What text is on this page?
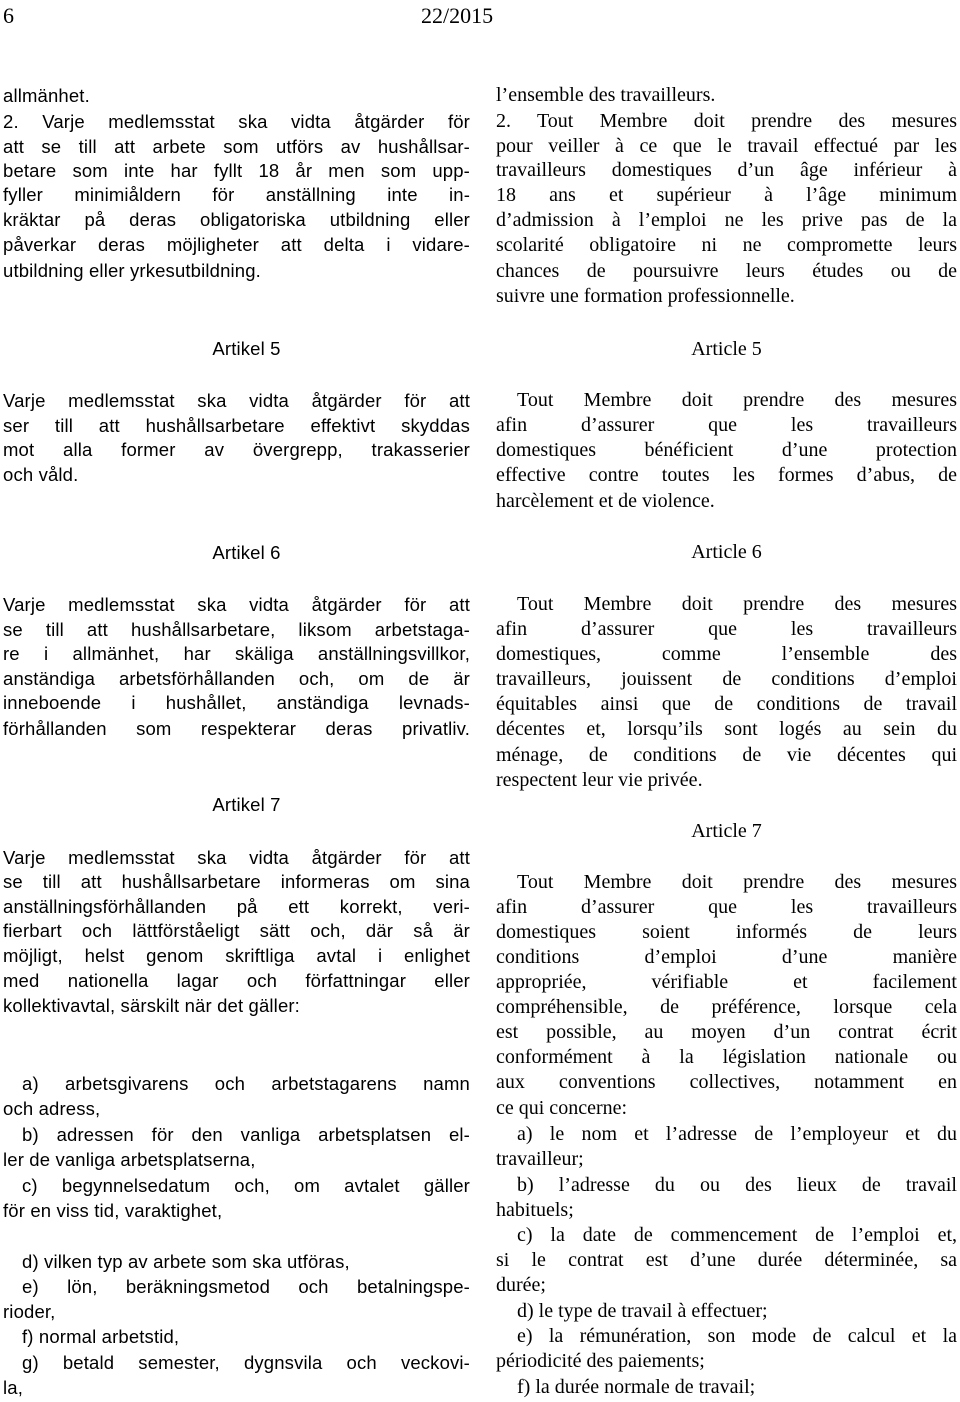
6	22/2015
allmänhet.
2. Varje medlemsstat ska vidta åtgärder för
att se till att arbete som utförs av hushållsar-
betare som inte har fyllt 18 år men som upp-
fyller minimiåldern för anställning inte in-
kräktar på deras obligatoriska utbildning eller
påverkar deras möjligheter att delta i vidare-
utbildning eller yrkesutbildning.
Artikel 5
Varje medlemsstat ska vidta åtgärder för att
ser till att hushållsarbetare effektivt skyddas
mot alla former av övergrepp, trakasserier
och våld.
Artikel 6
Varje medlemsstat ska vidta åtgärder för att
se till att hushållsarbetare, liksom arbetstaga-
re i allmänhet, har skäliga anställningsvillkor,
anständiga arbetsförhållanden och, om de är
inneboende i hushållet, anständiga levnads-
förhållanden som respekterar deras privatliv.
Artikel 7
Varje medlemsstat ska vidta åtgärder för att
se till att hushållsarbetare informeras om sina
anställningsförhållanden på ett korrekt, veri-
fierbart och lättförståeligt sätt och, där så är
möjligt, helst genom skriftliga avtal i enlighet
med nationella lagar och författningar eller
kollektivavtal, särskilt när det gäller:
a) arbetsgivarens och arbetstagarens namn
och adress,
b) adressen för den vanliga arbetsplatsen el-
ler de vanliga arbetsplatserna,
c) begynnelsedatum och, om avtalet gäller
för en viss tid, varaktighet,
d) vilken typ av arbete som ska utföras,
e) lön, beräkningsmetod och betalningspe-
rioder,
f) normal arbetstid,
g) betald semester, dygnsvila och veckovi-
la,
l’ensemble des travailleurs.
2. Tout Membre doit prendre des mesures
pour veiller à ce que le travail effectué par les
travailleurs domestiques d’un âge inférieur à
18 ans et supérieur à l’âge minimum
d’admission à l’emploi ne les prive pas de la
scolarité obligatoire ni ne compromette leurs
chances de poursuivre leurs études ou de
suivre une formation professionnelle.
Article 5
Tout Membre doit prendre des mesures
afin d’assurer que les travailleurs
domestiques bénéficient d’une protection
effective contre toutes les formes d’abus, de
harcèlement et de violence.
Article 6
Tout Membre doit prendre des mesures
afin d’assurer que les travailleurs
domestiques, comme l’ensemble des
travailleurs, jouissent de conditions d’emploi
équitables ainsi que de conditions de travail
décentes et, lorsqu’ils sont logés au sein du
ménage, de conditions de vie décentes qui
respectent leur vie privée.
Article 7
Tout Membre doit prendre des mesures
afin d’assurer que les travailleurs
domestiques soient informés de leurs
conditions d’emploi d’une manière
appropriée, vérifiable et facilement
compréhensible, de préférence, lorsque cela
est possible, au moyen d’un contrat écrit
conformément à la législation nationale ou
aux conventions collectives, notamment en
ce qui concerne:
a) le nom et l’adresse de l’employeur et du
travailleur;
b) l’adresse du ou des lieux de travail
habituels;
c) la date de commencement de l’emploi et,
si le contrat est d’une durée déterminée, sa
durée;
d) le type de travail à effectuer;
e) la rémunération, son mode de calcul et la
périodicité des paiements;
f) la durée normale de travail;
